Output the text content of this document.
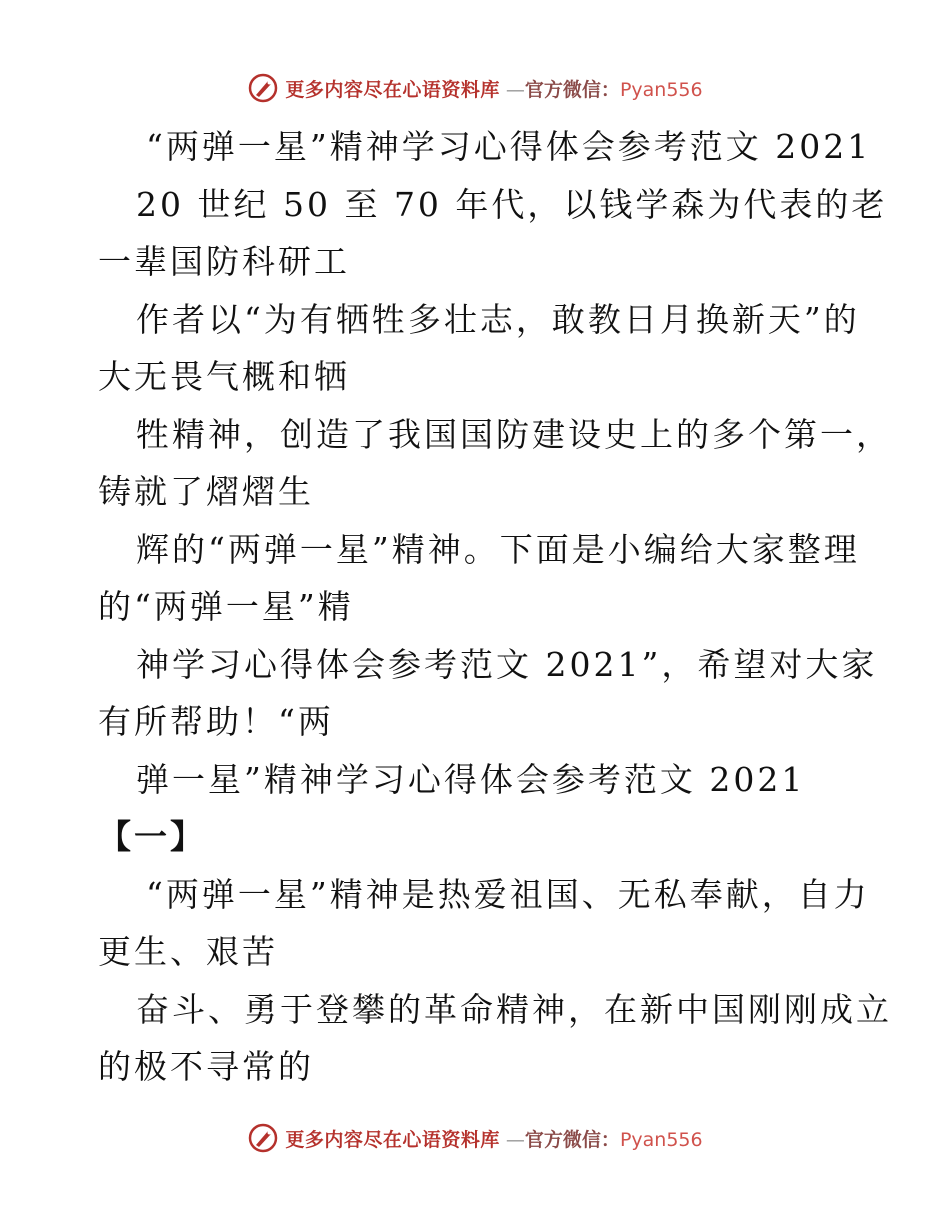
更多内容尽在心语资料库 —官方微信：Pyan556
“两弹一星”精神学习心得体会参考范文 2021
20 世纪 50 至 70 年代，以钱学森为代表的老
一辈国防科研工
作者以“为有牺牲多壮志，敢教日月换新天”的
大无畏气概和牺
牲精神，创造了我国国防建设史上的多个第一，
铸就了熠熠生
辉的“两弹一星”精神。下面是小编给大家整理
的“两弹一星”精
神学习心得体会参考范文 2021”，希望对大家
有所帮助！“两
弹一星”精神学习心得体会参考范文 2021
【一】
“两弹一星”精神是热爱祖国、无私奉献，自力
更生、艰苦
奋斗、勇于登攀的革命精神，在新中国刚刚成立
的极不寻常的
更多内容尽在心语资料库 —官方微信：Pyan556
